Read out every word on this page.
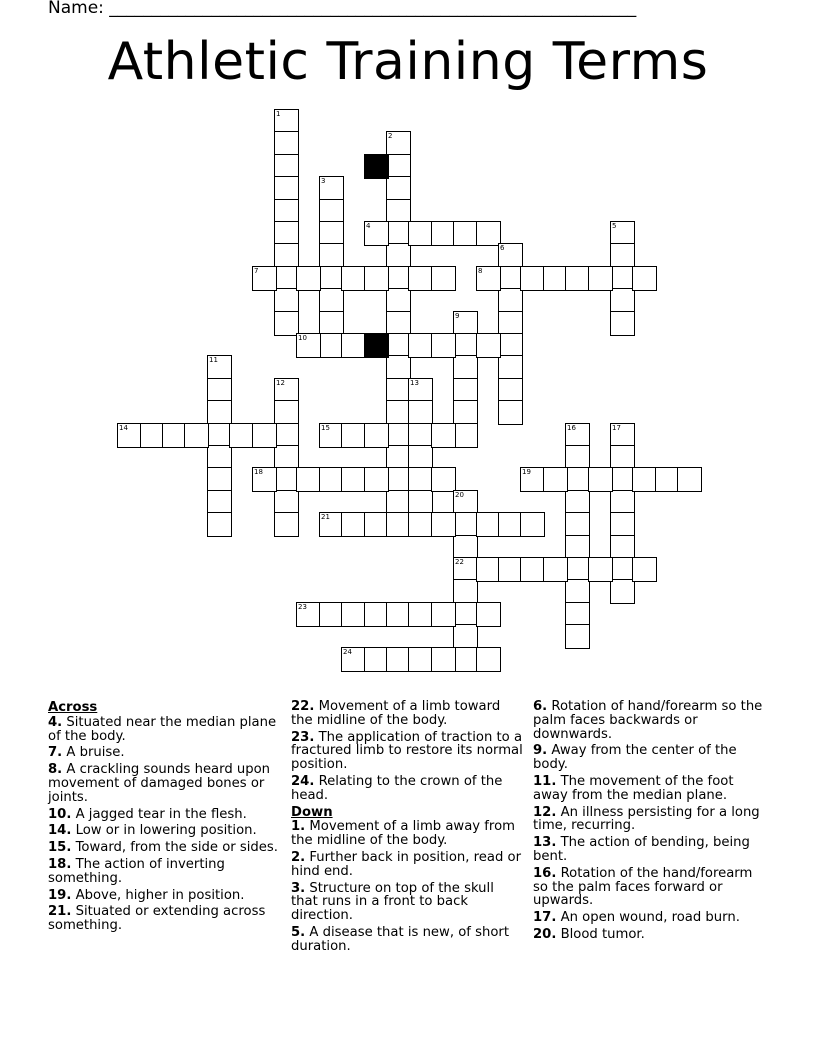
Name: ______________________________________________________________
Athletic Training Terms
1
2
3
4	5
6
7	8
9
10
11
12	13
14	15	16	17
18	19
20
22
21
23
24
Across
4. Situated near the median plane of the body.
7. A bruise.
8. A crackling sounds heard upon movement of damaged bones or joints.
10. A jagged tear in the flesh.
14. Low or in lowering position.
15. Toward, from the side or sides.
18. The action of inverting something.
19. Above, higher in position.
21. Situated or extending across something.
22. Movement of a limb toward the midline of the body.
23. The application of traction to a fractured limb to restore its normal position.
24. Relating to the crown of the head.
Down
1. Movement of a limb away from the midline of the body.
2. Further back in position, read or hind end.
3. Structure on top of the skull that runs in a front to back direction.
5. A disease that is new, of short duration.
6. Rotation of hand/forearm so the palm faces backwards or downwards.
9. Away from the center of the body.
11. The movement of the foot away from the median plane.
12. An illness persisting for a long time, recurring.
13. The action of bending, being bent.
16. Rotation of the hand/forearm so the palm faces forward or upwards.
17. An open wound, road burn.
20. Blood tumor.
